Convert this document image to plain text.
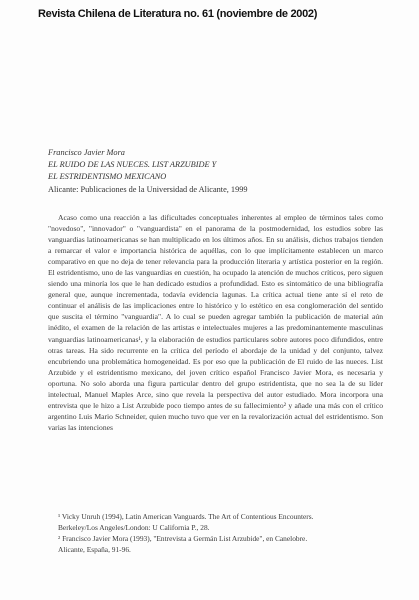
Revista Chilena de Literatura no. 61 (noviembre de 2002)
Francisco Javier Mora
EL RUIDO DE LAS NUECES. LIST ARZUBIDE Y
EL ESTRIDENTISMO MEXICANO
Alicante: Publicaciones de la Universidad de Alicante, 1999

Acaso como una reacción a las dificultades conceptuales inherentes al empleo de términos tales como "novedoso", "innovador" o "vanguardista" en el panorama de la postmodernidad, los estudios sobre las vanguardias latinoamericanas se han multiplicado en los últimos años. En su análisis, dichos trabajos tienden a remarcar el valor e importancia histórica de aquéllas, con lo que implícitamente establecen un marco comparativo en que no deja de tener relevancia para la producción literaria y artística posterior en la región. El estridentismo, uno de las vanguardias en cuestión, ha ocupado la atención de muchos críticos, pero siguen siendo una minoría los que le han dedicado estudios a profundidad. Esto es sintomático de una bibliografía general que, aunque incrementada, todavía evidencia lagunas. La crítica actual tiene ante sí el reto de continuar el análisis de las implicaciones entre lo histórico y lo estético en esa conglomeración del sentido que suscita el término "vanguardia". A lo cual se pueden agregar también la publicación de material aún inédito, el examen de la relación de las artistas e intelectuales mujeres a las predominantemente masculinas vanguardias latinoamericanas¹, y la elaboración de estudios particulares sobre autores poco difundidos, entre otras tareas. Ha sido recurrente en la crítica del período el abordaje de la unidad y del conjunto, talvez encubriendo una problemática homogeneidad. Es por eso que la publicación de El ruido de las nueces. List Arzubide y el estridentismo mexicano, del joven crítico español Francisco Javier Mora, es necesaria y oportuna. No solo aborda una figura particular dentro del grupo estridentista, que no sea la de su líder intelectual, Manuel Maples Arce, sino que revela la perspectiva del autor estudiado. Mora incorpora una entrevista que le hizo a List Arzubide poco tiempo antes de su fallecimiento² y añade una más con el crítico argentino Luis Mario Schneider, quien mucho tuvo que ver en la revalorización actual del estridentismo. Son varias las intenciones

¹ Vicky Unruh (1994), Latin American Vanguards. The Art of Contentious Encounters.
Berkeley/Los Angeles/London: U California P., 28.
² Francisco Javier Mora (1993), "Entrevista a Germán List Arzubide", en Canelobre.
Alicante, España, 91-96.
